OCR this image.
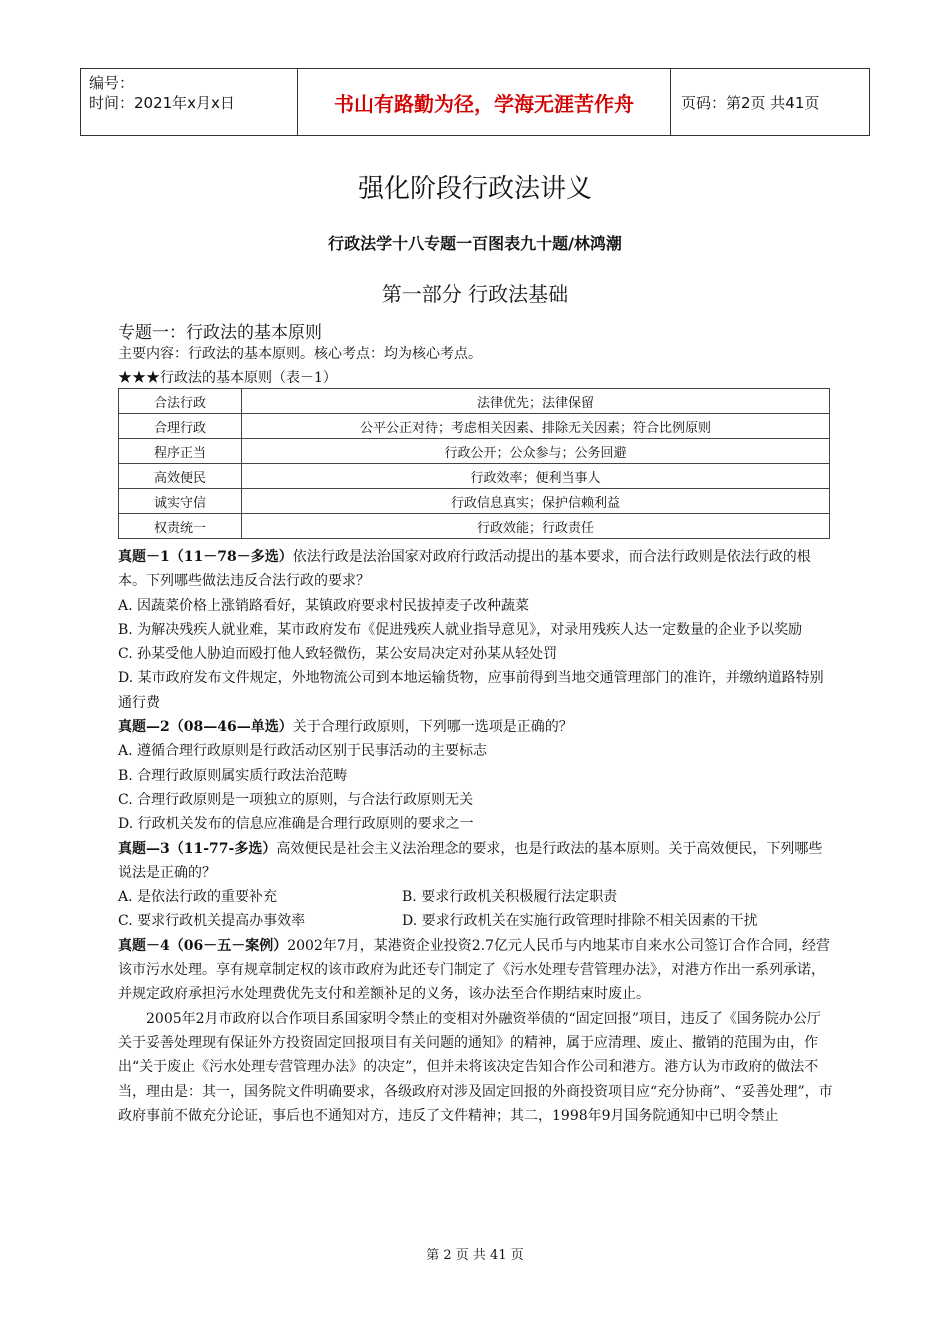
编号：
时间：2021年x月x日	书山有路勤为径，学海无涯苦作舟	页码：第2页 共41页
强化阶段行政法讲义
行政法学十八专题一百图表九十题/林鸿潮
第一部分 行政法基础
专题一：行政法的基本原则
主要内容：行政法的基本原则。核心考点：均为核心考点。
★★★行政法的基本原则（表－1）
合法行政	法律优先；法律保留
合理行政	公平公正对待；考虑相关因素、排除无关因素；符合比例原则
程序正当	行政公开；公众参与；公务回避
高效便民	行政效率；便利当事人
诚实守信	行政信息真实；保护信赖利益
权责统一	行政效能；行政责任

真题－1（11－78－多选）依法行政是法治国家对政府行政活动提出的基本要求，而合法行政则是依法行政的根本。下列哪些做法违反合法行政的要求？

A. 因蔬菜价格上涨销路看好，某镇政府要求村民拔掉麦子改种蔬菜

B. 为解决残疾人就业难，某市政府发布《促进残疾人就业指导意见》，对录用残疾人达一定数量的企业予以奖励

C. 孙某受他人胁迫而殴打他人致轻微伤，某公安局决定对孙某从轻处罚

D. 某市政府发布文件规定，外地物流公司到本地运输货物，应事前得到当地交通管理部门的准许，并缴纳道路特别通行费

真题—2（08—46—单选）关于合理行政原则，下列哪一选项是正确的？

A. 遵循合理行政原则是行政活动区别于民事活动的主要标志

B. 合理行政原则属实质行政法治范畴

C. 合理行政原则是一项独立的原则，与合法行政原则无关

D. 行政机关发布的信息应准确是合理行政原则的要求之一

真题—3（11-77-多选）高效便民是社会主义法治理念的要求，也是行政法的基本原则。关于高效便民，下列哪些说法是正确的？

A. 是依法行政的重要补充	B. 要求行政机关积极履行法定职责

C. 要求行政机关提高办事效率	D. 要求行政机关在实施行政管理时排除不相关因素的干扰

真题－4（06－五－案例）2002年7月，某港资企业投资2.7亿元人民币与内地某市自来水公司签订合作合同，经营该市污水处理。享有规章制定权的该市政府为此还专门制定了《污水处理专营管理办法》，对港方作出一系列承诺，并规定政府承担污水处理费优先支付和差额补足的义务，该办法至合作期结束时废止。

2005年2月市政府以合作项目系国家明令禁止的变相对外融资举债的“固定回报”项目，违反了《国务院办公厅关于妥善处理现有保证外方投资固定回报项目有关问题的通知》的精神，属于应清理、废止、撤销的范围为由，作出“关于废止《污水处理专营管理办法》的决定”，但并未将该决定告知合作公司和港方。港方认为市政府的做法不当，理由是：其一，国务院文件明确要求，各级政府对涉及固定回报的外商投资项目应“充分协商”、“妥善处理”，市政府事前不做充分论证，事后也不通知对方，违反了文件精神；其二，1998年9月国务院通知中已明令禁止

第 2 页 共 41 页
